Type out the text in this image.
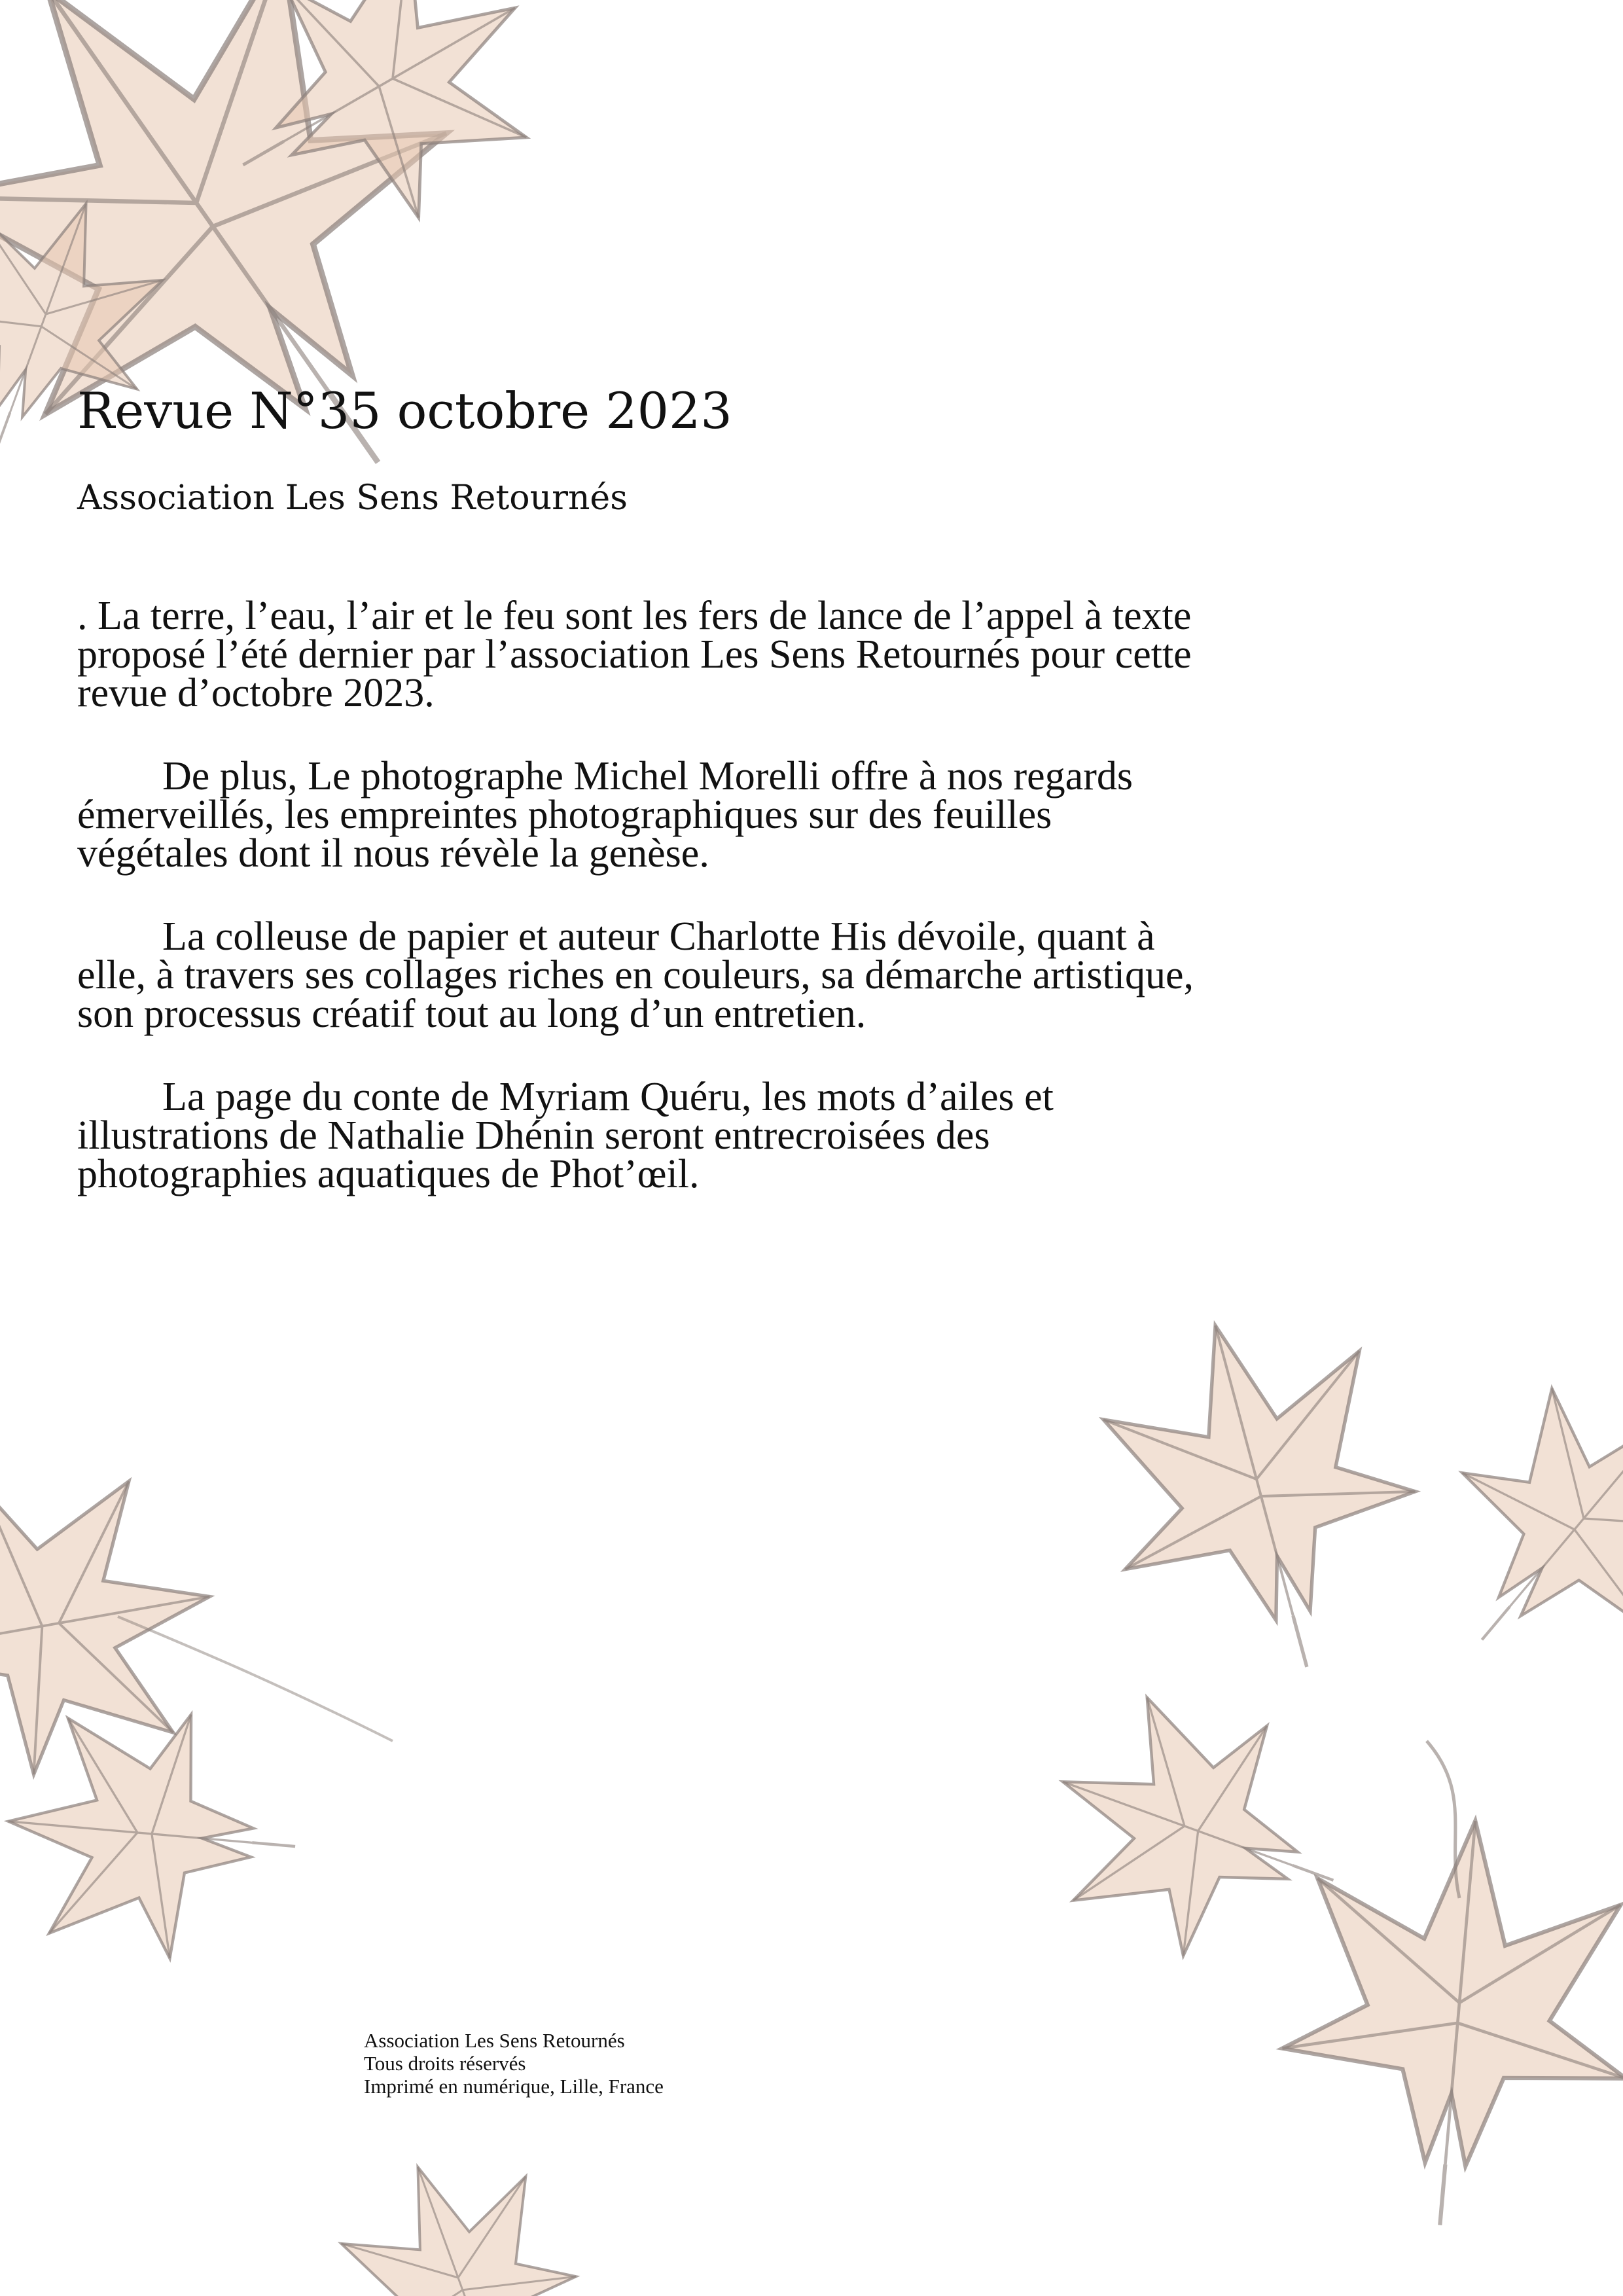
Revue N°35 octobre 2023
Association Les Sens Retournés

. La terre, l’eau, l’air et le feu sont les fers de lance de l’appel à texte proposé l’été dernier par l’association Les Sens Retournés pour cette revue d’octobre 2023.

De plus, Le photographe Michel Morelli offre à nos regards émerveillés, les empreintes photographiques sur des feuilles végétales dont il nous révèle la genèse.

La colleuse de papier et auteur Charlotte His dévoile, quant à elle, à travers ses collages riches en couleurs, sa démarche artistique, son processus créatif tout au long d’un entretien.

La page du conte de Myriam Quéru, les mots d’ailes et illustrations de Nathalie Dhénin seront entrecroisées des photographies aquatiques de Phot’œil.

Association Les Sens Retournés
Tous droits réservés
Imprimé en numérique, Lille, France
